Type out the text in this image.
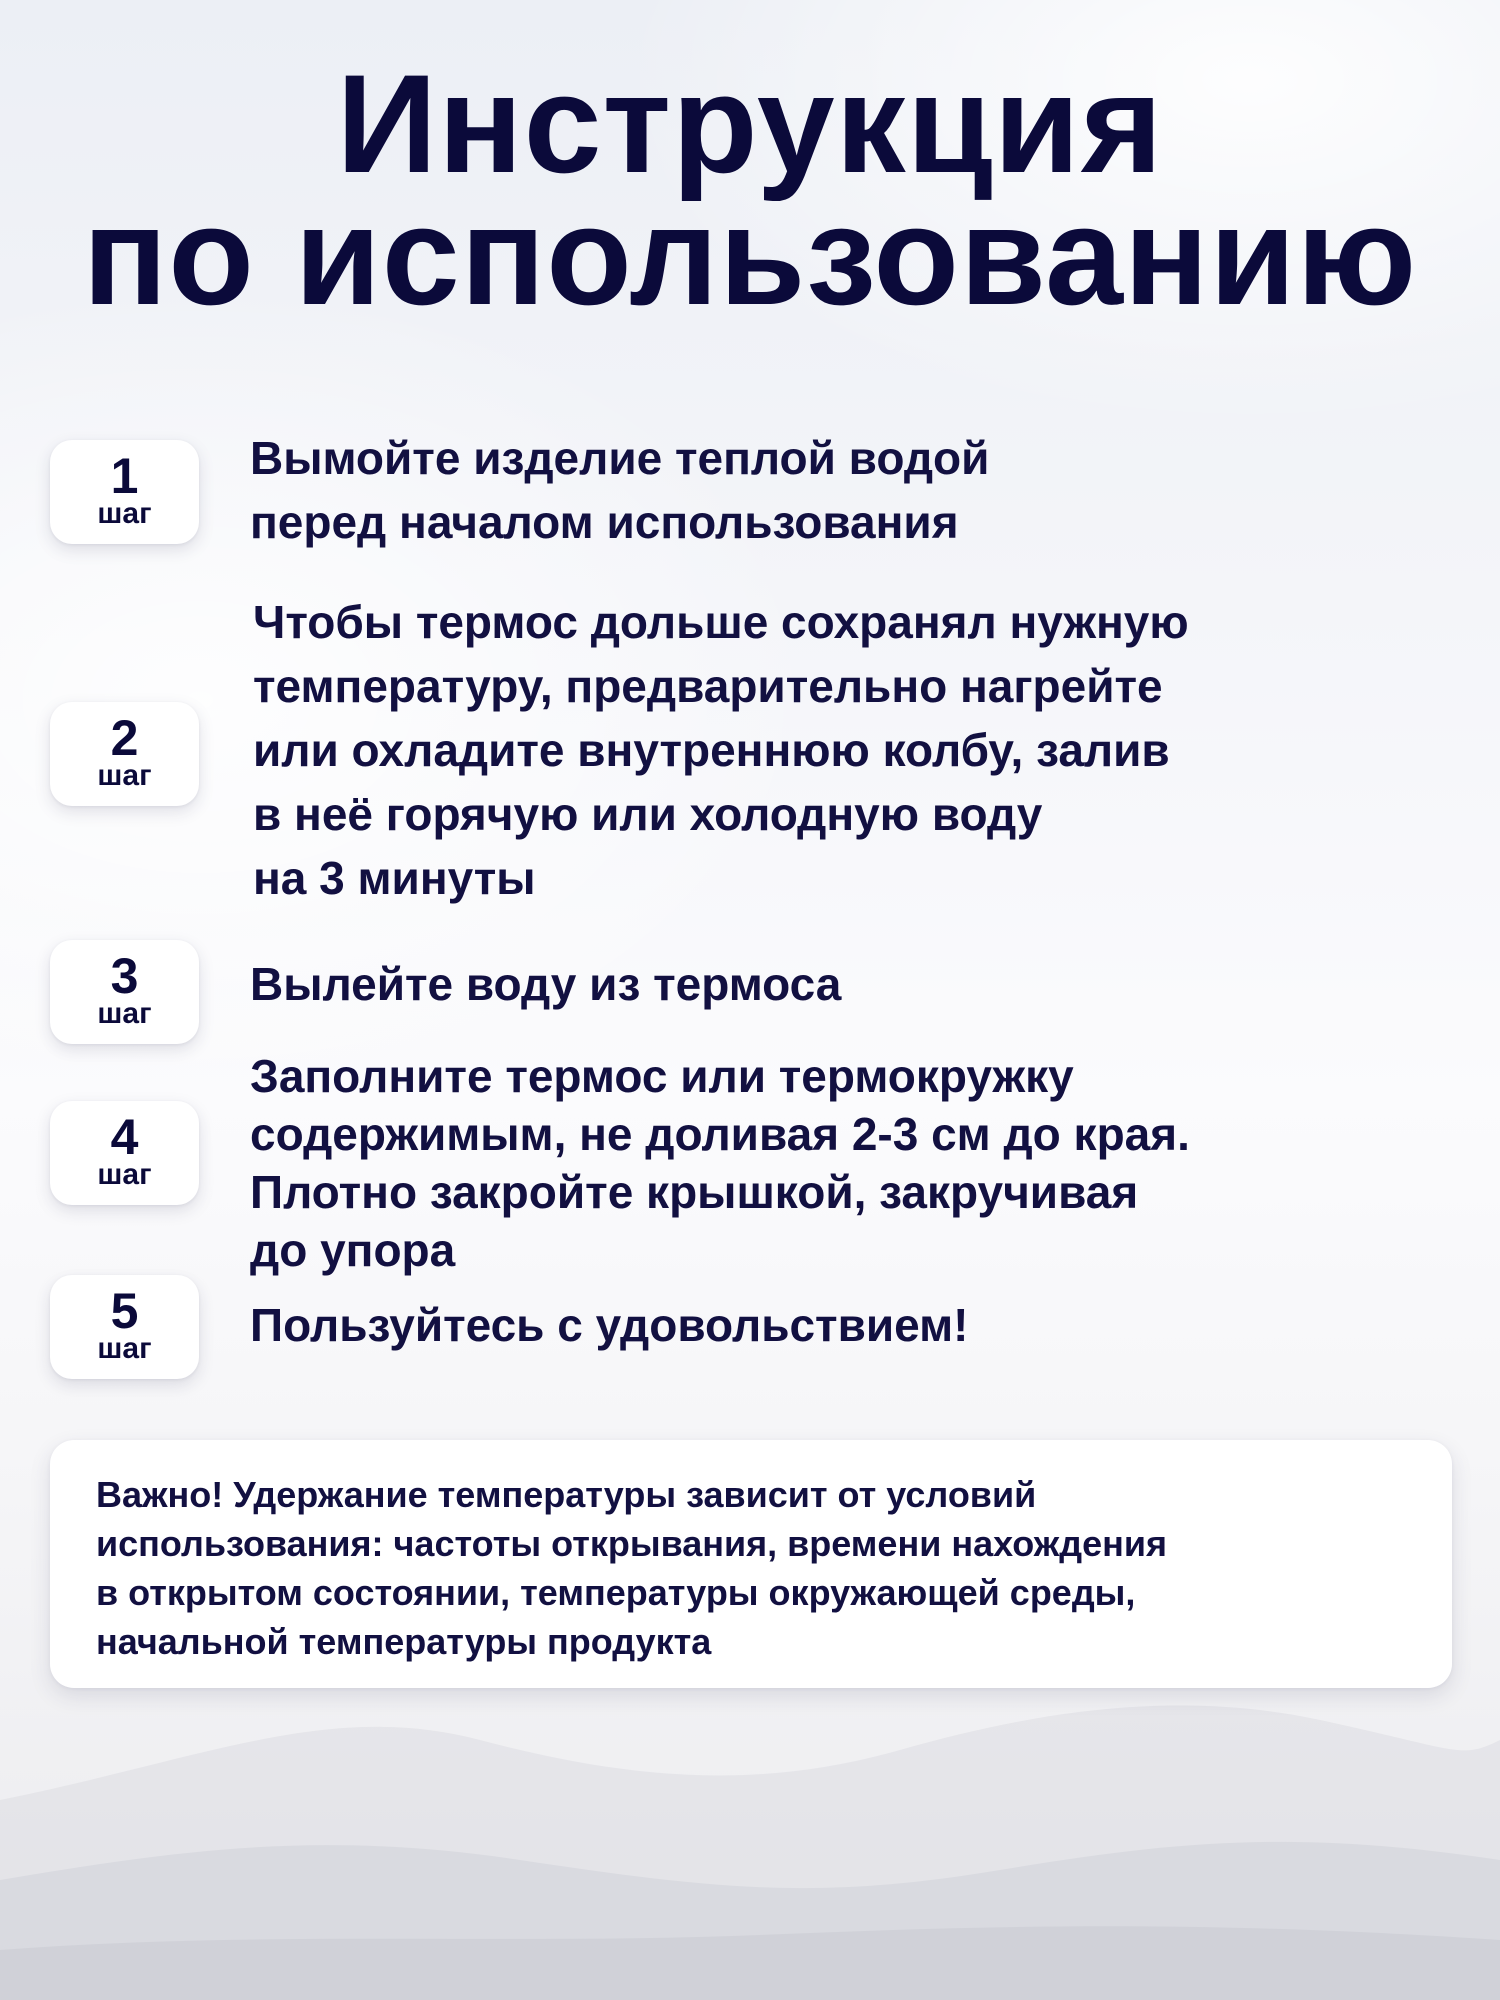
Инструкция
по использованию
1
шаг

Вымойте изделие теплой водой
перед началом использования

2
шаг

Чтобы термос дольше сохранял нужную
температуру, предварительно нагрейте
или охладите внутреннюю колбу, залив
в неё горячую или холодную воду
на 3 минуты

3
шаг

Вылейте воду из термоса

4
шаг

Заполните термос или термокружку
содержимым, не доливая 2-3 см до края.
Плотно закройте крышкой, закручивая
до упора

5
шаг	Пользуйтесь с удовольствием!

Важно! Удержание температуры зависит от условий
использования: частоты открывания, времени нахождения
в открытом состоянии, температуры окружающей среды,
начальной температуры продукта
